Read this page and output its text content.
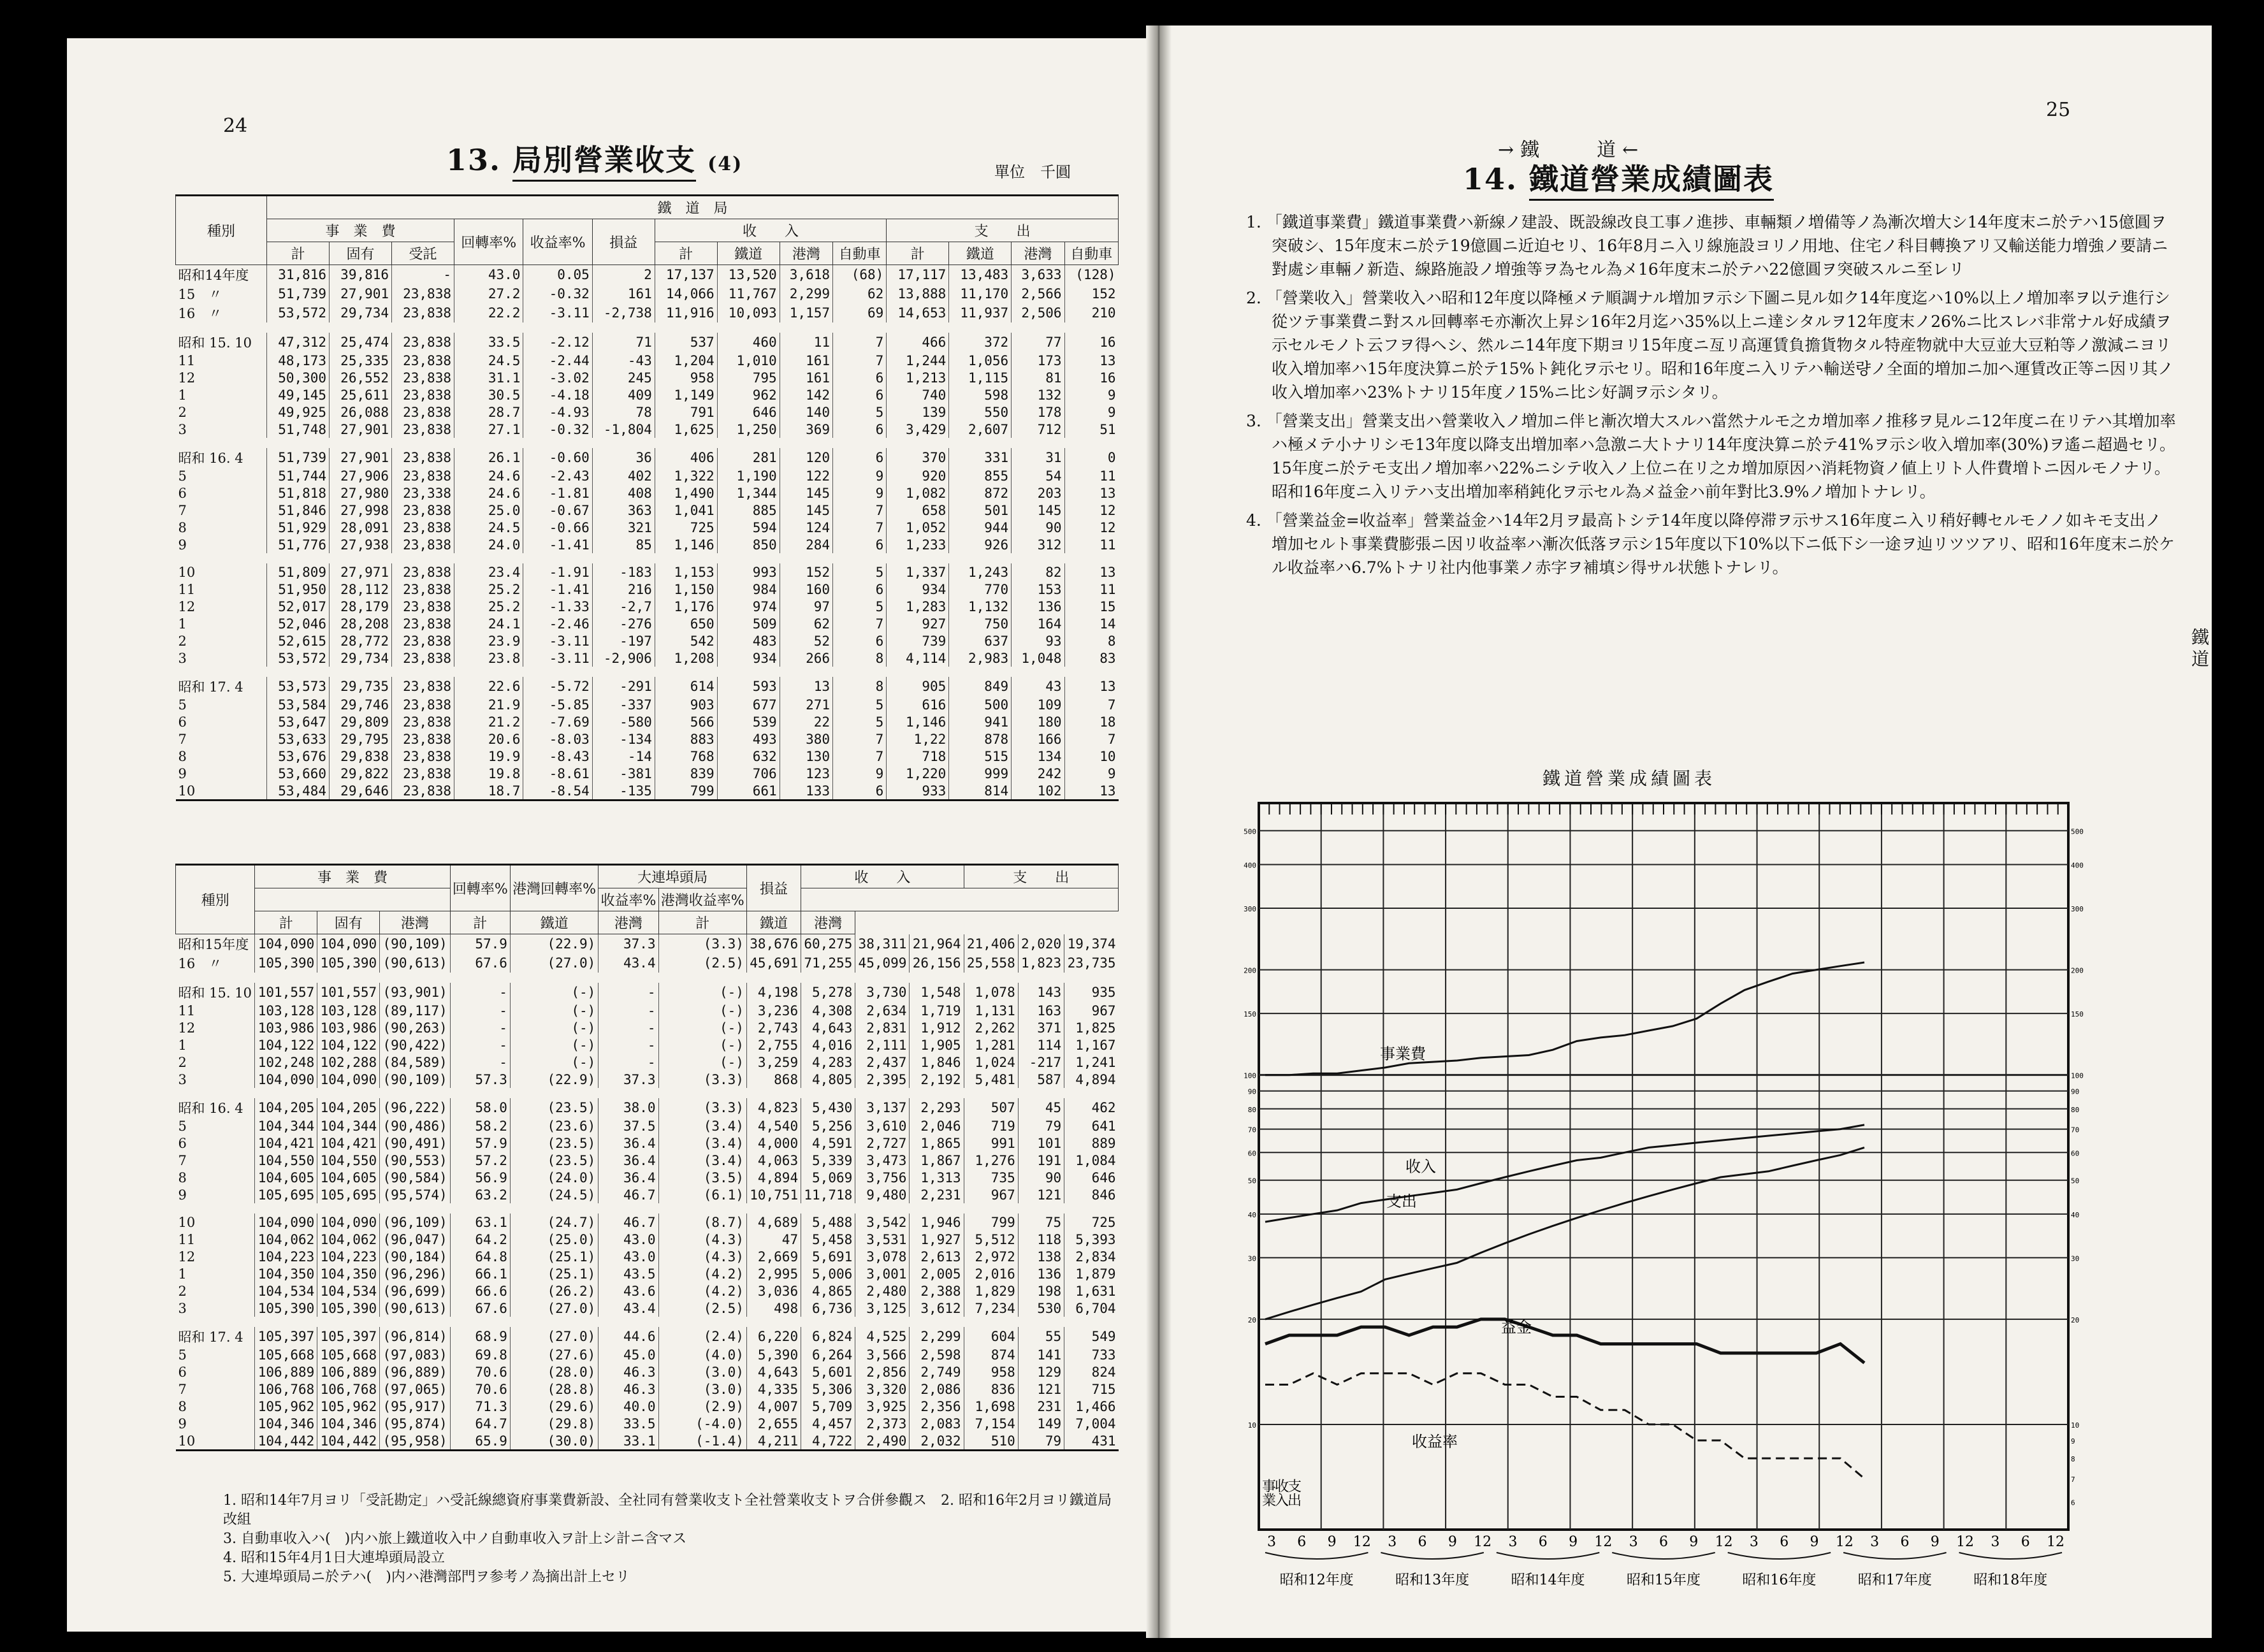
24
13. 局別營業收支 (4)	單位　千圓
種別	鐵　道　局													
	事　業　費			回轉率%	收益率%	損益	收　　入				支　　出			
	計	固有	受託				計	鐵道	港灣	自動車	計	鐵道	港灣	自動車
昭和14年度	31,816	39,816	-	43.0	0.05	2	17,137	13,520	3,618	(68)	17,117	13,483	3,633	(128)
15　〃	51,739	27,901	23,838	27.2	-0.32	161	14,066	11,767	2,299	62	13,888	11,170	2,566	152
16　〃	53,572	29,734	23,838	22.2	-3.11	-2,738	11,916	10,093	1,157	69	14,653	11,937	2,506	210

昭和 15. 10	47,312	25,474	23,838	33.5	-2.12	71	537	460	11	7	466	372	77	16
11	48,173	25,335	23,838	24.5	-2.44	-43	1,204	1,010	161	7	1,244	1,056	173	13
12	50,300	26,552	23,838	31.1	-3.02	245	958	795	161	6	1,213	1,115	81	16
1	49,145	25,611	23,838	30.5	-4.18	409	1,149	962	142	6	740	598	132	9
2	49,925	26,088	23,838	28.7	-4.93	78	791	646	140	5	139	550	178	9
3	51,748	27,901	23,838	27.1	-0.32	-1,804	1,625	1,250	369	6	3,429	2,607	712	51

昭和 16. 4	51,739	27,901	23,838	26.1	-0.60	36	406	281	120	6	370	331	31	0
5	51,744	27,906	23,838	24.6	-2.43	402	1,322	1,190	122	9	920	855	54	11
6	51,818	27,980	23,338	24.6	-1.81	408	1,490	1,344	145	9	1,082	872	203	13
7	51,846	27,998	23,838	25.0	-0.67	363	1,041	885	145	7	658	501	145	12
8	51,929	28,091	23,838	24.5	-0.66	321	725	594	124	7	1,052	944	90	12
9	51,776	27,938	23,838	24.0	-1.41	85	1,146	850	284	6	1,233	926	312	11

10	51,809	27,971	23,838	23.4	-1.91	-183	1,153	993	152	5	1,337	1,243	82	13
11	51,950	28,112	23,838	25.2	-1.41	216	1,150	984	160	6	934	770	153	11
12	52,017	28,179	23,838	25.2	-1.33	-2,7	1,176	974	97	5	1,283	1,132	136	15
1	52,046	28,208	23,838	24.1	-2.46	-276	650	509	62	7	927	750	164	14
2	52,615	28,772	23,838	23.9	-3.11	-197	542	483	52	6	739	637	93	8
3	53,572	29,734	23,838	23.8	-3.11	-2,906	1,208	934	266	8	4,114	2,983	1,048	83

昭和 17. 4	53,573	29,735	23,838	22.6	-5.72	-291	614	593	13	8	905	849	43	13
5	53,584	29,746	23,838	21.9	-5.85	-337	903	677	271	5	616	500	109	7
6	53,647	29,809	23,838	21.2	-7.69	-580	566	539	22	5	1,146	941	180	18
7	53,633	29,795	23,838	20.6	-8.03	-134	883	493	380	7	1,22	878	166	7
8	53,676	29,838	23,838	19.9	-8.43	-14	768	632	130	7	718	515	134	10
9	53,660	29,822	23,838	19.8	-8.61	-381	839	706	123	9	1,220	999	242	9
10	53,484	29,646	23,838	18.7	-8.54	-135	799	661	133	6	933	814	102	13
種別	事　業　費			回轉率%	港灣回轉率%	大連埠頭局		損益	收　　入			支　　出		
						收益率%	港灣收益率%							
	計	固有	港灣	計	鐵道	港灣	計	鐵道	港灣					
昭和15年度	104,090	104,090	(90,109)	57.9	(22.9)	37.3	(3.3)	38,676	60,275	38,311	21,964	21,406	2,020	19,374
16　〃	105,390	105,390	(90,613)	67.6	(27.0)	43.4	(2.5)	45,691	71,255	45,099	26,156	25,558	1,823	23,735

昭和 15. 10	101,557	101,557	(93,901)	-	(-)	-	(-)	4,198	5,278	3,730	1,548	1,078	143	935
11	103,128	103,128	(89,117)	-	(-)	-	(-)	3,236	4,308	2,634	1,719	1,131	163	967
12	103,986	103,986	(90,263)	-	(-)	-	(-)	2,743	4,643	2,831	1,912	2,262	371	1,825
1	104,122	104,122	(90,422)	-	(-)	-	(-)	2,755	4,016	2,111	1,905	1,281	114	1,167
2	102,248	102,288	(84,589)	-	(-)	-	(-)	3,259	4,283	2,437	1,846	1,024	-217	1,241
3	104,090	104,090	(90,109)	57.3	(22.9)	37.3	(3.3)	868	4,805	2,395	2,192	5,481	587	4,894

昭和 16. 4	104,205	104,205	(96,222)	58.0	(23.5)	38.0	(3.3)	4,823	5,430	3,137	2,293	507	45	462
5	104,344	104,344	(90,486)	58.2	(23.6)	37.5	(3.4)	4,540	5,256	3,610	2,046	719	79	641
6	104,421	104,421	(90,491)	57.9	(23.5)	36.4	(3.4)	4,000	4,591	2,727	1,865	991	101	889
7	104,550	104,550	(90,553)	57.2	(23.5)	36.4	(3.4)	4,063	5,339	3,473	1,867	1,276	191	1,084
8	104,605	104,605	(90,584)	56.9	(24.0)	36.4	(3.5)	4,894	5,069	3,756	1,313	735	90	646
9	105,695	105,695	(95,574)	63.2	(24.5)	46.7	(6.1)	10,751	11,718	9,480	2,231	967	121	846

10	104,090	104,090	(96,109)	63.1	(24.7)	46.7	(8.7)	4,689	5,488	3,542	1,946	799	75	725
11	104,062	104,062	(96,047)	64.2	(25.0)	43.0	(4.3)	47	5,458	3,531	1,927	5,512	118	5,393
12	104,223	104,223	(90,184)	64.8	(25.1)	43.0	(4.3)	2,669	5,691	3,078	2,613	2,972	138	2,834
1	104,350	104,350	(96,296)	66.1	(25.1)	43.5	(4.2)	2,995	5,006	3,001	2,005	2,016	136	1,879
2	104,534	104,534	(96,699)	66.6	(26.2)	43.6	(4.2)	3,036	4,865	2,480	2,388	1,829	198	1,631
3	105,390	105,390	(90,613)	67.6	(27.0)	43.4	(2.5)	498	6,736	3,125	3,612	7,234	530	6,704

昭和 17. 4	105,397	105,397	(96,814)	68.9	(27.0)	44.6	(2.4)	6,220	6,824	4,525	2,299	604	55	549
5	105,668	105,668	(97,083)	69.8	(27.6)	45.0	(4.0)	5,390	6,264	3,566	2,598	874	141	733
6	106,889	106,889	(96,889)	70.6	(28.0)	46.3	(3.0)	4,643	5,601	2,856	2,749	958	129	824
7	106,768	106,768	(97,065)	70.6	(28.8)	46.3	(3.0)	4,335	5,306	3,320	2,086	836	121	715
8	105,962	105,962	(95,917)	71.3	(29.6)	40.0	(2.9)	4,007	5,709	3,925	2,356	1,698	231	1,466
9	104,346	104,346	(95,874)	64.7	(29.8)	33.5	(-4.0)	2,655	4,457	2,373	2,083	7,154	149	7,004
10	104,442	104,442	(95,958)	65.9	(30.0)	33.1	(-1.4)	4,211	4,722	2,490	2,032	510	79	431

1. 昭和14年7月ヨリ「受託勘定」ハ受託線總資府事業費新設、全社同有營業收支ト全社營業收支トヲ合併參觀ス　2. 昭和16年2月ヨリ鐵道局改組

3. 自動車收入ハ(　)内ハ旅上鐵道收入中ノ自動車收入ヲ計上シ計ニ含マス

4. 昭和15年4月1日大連埠頭局設立

5. 大連埠頭局ニ於テハ(　)内ハ港灣部門ヲ参考ノ為摘出計上セリ

25
→鐵　　道←
14. 鐵道營業成績圖表

1. 「鐵道事業費」鐵道事業費ハ新線ノ建設、既設線改良工事ノ進捗、車輛類ノ増備等ノ為漸次増大シ14年度末ニ於テハ15億圓ヲ突破シ、15年度末ニ於テ19億圓ニ近迫セリ、16年8月ニ入リ線施設ヨリノ用地、住宅ノ科目轉換アリ又輸送能力増強ノ要請ニ對處シ車輛ノ新造、線路施設ノ増強等ヲ為セル為メ16年度末ニ於テハ22億圓ヲ突破スルニ至レリ

2. 「營業收入」營業收入ハ昭和12年度以降極メテ順調ナル増加ヲ示シ下圖ニ見ル如ク14年度迄ハ10%以上ノ増加率ヲ以テ進行シ從ツテ事業費ニ對スル回轉率モ亦漸次上昇シ16年2月迄ハ35%以上ニ達シタルヲ12年度末ノ26%ニ比スレバ非常ナル好成績ヲ示セルモノト云フヲ得ヘシ、然ルニ14年度下期ヨリ15年度ニ亙リ高運賃負擔貨物タル特産物就中大豆並大豆粕等ノ激減ニヨリ收入増加率ハ15年度決算ニ於テ15%ト鈍化ヲ示セリ。昭和16年度ニ入リテハ輸送량ノ全面的増加ニ加ヘ運賃改正等ニ因リ其ノ收入増加率ハ23%トナリ15年度ノ15%ニ比シ好調ヲ示シタリ。

3. 「營業支出」營業支出ハ營業收入ノ増加ニ伴ヒ漸次増大スルハ當然ナルモ之カ増加率ノ推移ヲ見ルニ12年度ニ在リテハ其増加率ハ極メテ小ナリシモ13年度以降支出増加率ハ急激ニ大トナリ14年度決算ニ於テ41%ヲ示シ收入増加率(30%)ヲ遙ニ超過セリ。15年度ニ於テモ支出ノ増加率ハ22%ニシテ收入ノ上位ニ在リ之カ増加原因ハ消耗物資ノ値上リト人件費増トニ因ルモノナリ。昭和16年度ニ入リテハ支出増加率稍鈍化ヲ示セル為メ益金ハ前年對比3.9%ノ増加トナレリ。

4. 「營業益金=收益率」營業益金ハ14年2月ヲ最高トシテ14年度以降停滞ヲ示サス16年度ニ入リ稍好轉セルモノノ如キモ支出ノ増加セルト事業費膨張ニ因リ收益率ハ漸次低落ヲ示シ15年度以下10%以下ニ低下シ一途ヲ辿リツツアリ、昭和16年度末ニ於ケル收益率ハ6.7%トナリ社内他事業ノ赤字ヲ補填シ得サル状態トナレリ。

鐵道
鐵道營業成績圖表
500
400
300
200
150
100
90
80
70
60
50
40
30
20
10
500
400
300
200
150
100
90
80
70
60
50
40
30
20
10
9
8
7
6
事業費
收入
支出
益金
收益率
3 6 9 12 3 6 9 12 3 6 9 12 3 6 9 12 3 6 9 12 3 6 9 12 3 6 12
昭和12年度	昭和13年度	昭和14年度	昭和15年度	昭和16年度	昭和17年度	昭和18年度
事業
收入
支出
